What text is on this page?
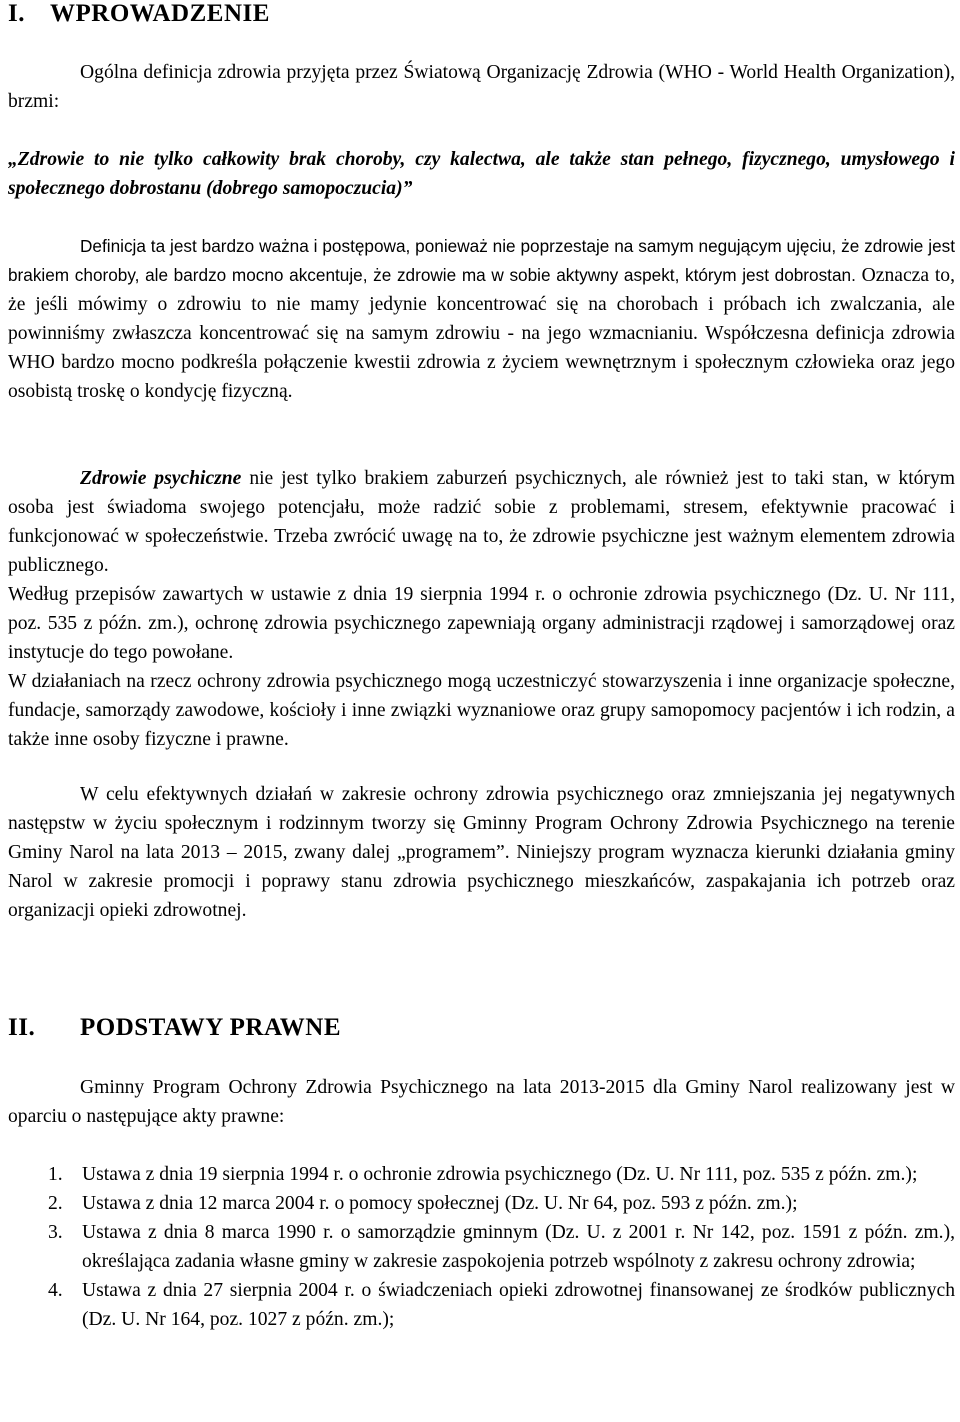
I. WPROWADZENIE

Ogólna definicja zdrowia przyjęta przez Światową Organizację Zdrowia (WHO - World Health Organization), brzmi:

„Zdrowie to nie tylko całkowity brak choroby, czy kalectwa, ale także stan pełnego, fizycznego, umysłowego i społecznego dobrostanu (dobrego samopoczucia)”

Definicja ta jest bardzo ważna i postępowa, ponieważ nie poprzestaje na samym negującym ujęciu, że zdrowie jest brakiem choroby, ale bardzo mocno akcentuje, że zdrowie ma w sobie aktywny aspekt, którym jest dobrostan. Oznacza to, że jeśli mówimy o zdrowiu to nie mamy jedynie koncentrować się na chorobach i próbach ich zwalczania, ale powinniśmy zwłaszcza koncentrować się na samym zdrowiu - na jego wzmacnianiu. Współczesna definicja zdrowia WHO bardzo mocno podkreśla połączenie kwestii zdrowia z życiem wewnętrznym i społecznym człowieka oraz jego osobistą troskę o kondycję fizyczną.

Zdrowie psychiczne nie jest tylko brakiem zaburzeń psychicznych, ale również jest to taki stan, w którym osoba jest świadoma swojego potencjału, może radzić sobie z problemami, stresem, efektywnie pracować i funkcjonować w społeczeństwie. Trzeba zwrócić uwagę na to, że zdrowie psychiczne jest ważnym elementem zdrowia publicznego.

Według przepisów zawartych w ustawie z dnia 19 sierpnia 1994 r. o ochronie zdrowia psychicznego (Dz. U. Nr 111, poz. 535 z późn. zm.), ochronę zdrowia psychicznego zapewniają organy administracji rządowej i samorządowej oraz instytucje do tego powołane.

W działaniach na rzecz ochrony zdrowia psychicznego mogą uczestniczyć stowarzyszenia i inne organizacje społeczne, fundacje, samorządy zawodowe, kościoły i inne związki wyznaniowe oraz grupy samopomocy pacjentów i ich rodzin, a także inne osoby fizyczne i prawne.

W celu efektywnych działań w zakresie ochrony zdrowia psychicznego oraz zmniejszania jej negatywnych następstw w życiu społecznym i rodzinnym tworzy się Gminny Program Ochrony Zdrowia Psychicznego na terenie Gminy Narol na lata 2013 – 2015, zwany dalej „programem”. Niniejszy program wyznacza kierunki działania gminy Narol w zakresie promocji i poprawy stanu zdrowia psychicznego mieszkańców, zaspakajania ich potrzeb oraz organizacji opieki zdrowotnej.

II. PODSTAWY PRAWNE

Gminny Program Ochrony Zdrowia Psychicznego na lata 2013-2015 dla Gminy Narol realizowany jest w oparciu o następujące akty prawne:

1. Ustawa z dnia 19 sierpnia 1994 r. o ochronie zdrowia psychicznego (Dz. U. Nr 111, poz. 535 z późn. zm.);
2. Ustawa z dnia 12 marca 2004 r. o pomocy społecznej (Dz. U. Nr 64, poz. 593 z późn. zm.);
3. Ustawa z dnia 8 marca 1990 r. o samorządzie gminnym (Dz. U. z 2001 r. Nr 142, poz. 1591 z późn. zm.), określająca zadania własne gminy w zakresie zaspokojenia potrzeb wspólnoty z zakresu ochrony zdrowia;
4. Ustawa z dnia 27 sierpnia 2004 r. o świadczeniach opieki zdrowotnej finansowanej ze środków publicznych (Dz. U. Nr 164, poz. 1027 z późn. zm.);
